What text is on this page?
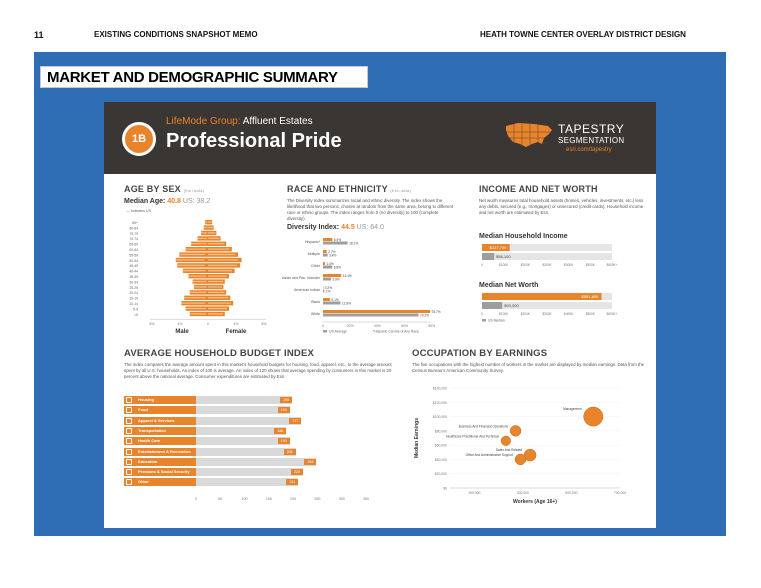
11	EXISTING CONDITIONS SNAPSHOT MEMO	HEATH TOWNE CENTER OVERLAY DISTRICT DESIGN
MARKET AND DEMOGRAPHIC SUMMARY
1B
LifeMode Group: Affluent Estates
Professional Pride
TAPESTRY
SEGMENTATION
esri.com/tapestry
AGE BY SEX (Esri data)
Median Age: 40.8 US: 38.2
— Indicates US
85+
80-84
75-79
70-74
65-69
60-64
55-59
50-54
45-49
40-44
35-39
30-34
25-29
20-24
15-19
10-14
5-9
<5
8%	4%	0	4%	8%
Male	Female
RACE AND ETHNICITY (Esri data)
The Diversity Index summarizes racial and ethnic diversity. The index shows the likelihood that two persons, chosen at random from the same area, belong to different race or ethnic groups. The index ranges from 0 (no diversity) to 100 (complete diversity).
Diversity Index: 44.5 US: 64.0
Hispanic*
6.9%
18.1%
Multiple
2.7%
3.4%
Other
1.4%
6.8%
Asian and Pac. Islander
13.4%
5.9%
American Indian
0.2%
1%
Black
5.1%
12.8%
White
78.7%
70.2%
0	20%	40%	60%	80%
US Average	*Hispanic Can Be of Any Race.
INCOME AND NET WORTH
Net worth measures total household assets (homes, vehicles, investments, etc.) less any debts, secured (e.g., mortgages) or unsecured (credit cards). Household income and net worth are estimated by Esri.
Median Household Income
$127,700
$56,100
0	$100K	$200K	$300K	$400K	$500K	$600K+
Median Net Worth
$551,800
$93,300
0	$100K	$200K	$300K	$400K	$500K	$600K+
US Median
AVERAGE HOUSEHOLD BUDGET INDEX
The index compares the average amount spent in this market's household budgets for housing, food, apparel, etc., to the average amount spent by all U.S. households. An index of 100 is average. An index of 120 shows that average spending by consumers in this market is 20 percent above the national average. Consumer expenditures are estimated by Esri.
Housing	198
Food	193
Apparel & Services	217
Transportation	186
Health Care	193
Entertainment & Recreation	205
Education	248
Pensions & Social Security	220
Other	211
0	50	100	150	200	250	300	350
OCCUPATION BY EARNINGS
The five occupations with the highest number of workers in the market are displayed by median earnings. Data from the Census Bureau's American Community Survey.
$140,000
$120,000
$100,000
$80,000
$60,000
$40,000
$20,000
$0
100,000	300,000	500,000	700,000
Workers (Age 16+)
Median Earnings
Management
Business And Financial Operations
Healthcare Practitioner And Technical
Sales And Related
Office And Administrative Support
